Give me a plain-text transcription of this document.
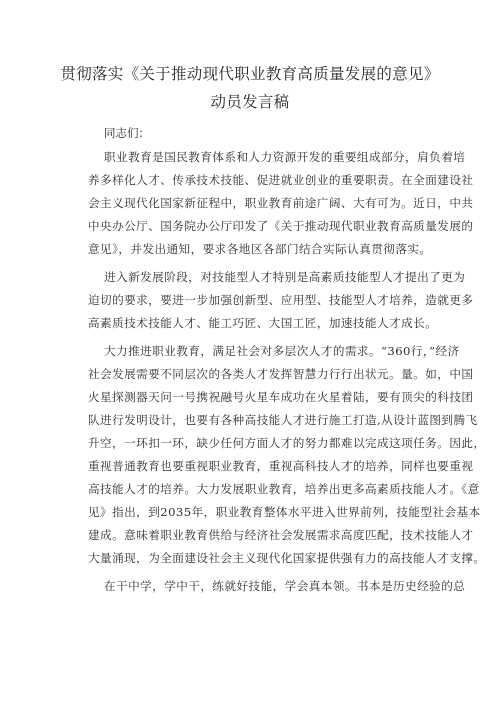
贯彻落实《关于推动现代职业教育高质量发展的意见》
动员发言稿
同志们：
职业教育是国民教育体系和人力资源开发的重要组成部分，肩负着培
养多样化人才、传承技术技能、促进就业创业的重要职责。在全面建设社
会主义现代化国家新征程中，职业教育前途广阔、大有可为。近日，中共
中央办公厅、国务院办公厅印发了《关于推动现代职业教育高质量发展的
意见》，并发出通知，要求各地区各部门结合实际认真贯彻落实。
进入新发展阶段，对技能型人才特别是高素质技能型人才提出了更为
迫切的要求，要进一步加强创新型、应用型、技能型人才培养，造就更多
高素质技术技能人才、能工巧匠、大国工匠，加速技能人才成长。
大力推进职业教育，满足社会对多层次人才的需求。“360行，”经济
社会发展需要不同层次的各类人才发挥智慧力行行出状元。量。如，中国
火星探测器天问一号携祝融号火星车成功在火星着陆，要有顶尖的科技团
队进行发明设计，也要有各种高技能人才进行施工打造,从设计蓝图到腾飞
升空，一环扣一环，缺少任何方面人才的努力都难以完成这项任务。因此，
重视普通教育也要重视职业教育，重视高科技人才的培养，同样也要重视
高技能人才的培养。大力发展职业教育，培养出更多高素质技能人才。《意
见》指出，到2035年，职业教育整体水平进入世界前列，技能型社会基本
建成。意味着职业教育供给与经济社会发展需求高度匹配，技术技能人才
大量涌现，为全面建设社会主义现代化国家提供强有力的高技能人才支撑。
在干中学，学中干，练就好技能，学会真本领。书本是历史经验的总
